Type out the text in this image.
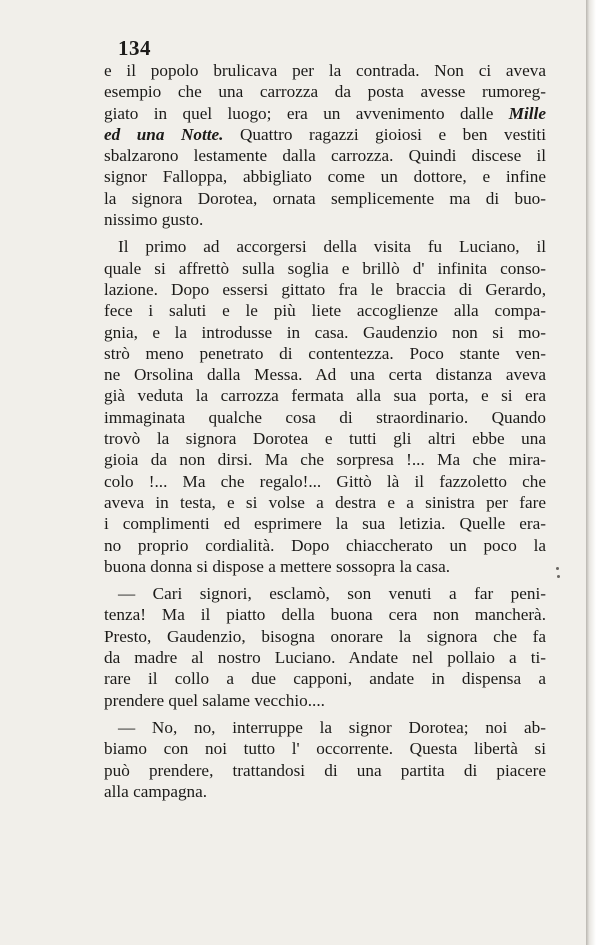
134

e il popolo brulicava per la contrada. Non ci aveva
esempio che una carrozza da posta avesse rumoreg-
giato in quel luogo; era un avvenimento dalle Mille
ed una Notte. Quattro ragazzi gioiosi e ben vestiti
sbalzarono lestamente dalla carrozza. Quindi discese il
signor Falloppa, abbigliato come un dottore, e infine
la signora Dorotea, ornata semplicemente ma di buo-
nissimo gusto.

Il primo ad accorgersi della visita fu Luciano, il
quale si affrettò sulla soglia e brillò d' infinita conso-
lazione. Dopo essersi gittato fra le braccia di Gerardo,
fece i saluti e le più liete accoglienze alla compa-
gnia, e la introdusse in casa. Gaudenzio non si mo-
strò meno penetrato di contentezza. Poco stante ven-
ne Orsolina dalla Messa. Ad una certa distanza aveva
già veduta la carrozza fermata alla sua porta, e si era
immaginata qualche cosa di straordinario. Quando
trovò la signora Dorotea e tutti gli altri ebbe una
gioia da non dirsi. Ma che sorpresa !... Ma che mira-
colo !... Ma che regalo!... Gittò là il fazzoletto che
aveva in testa, e si volse a destra e a sinistra per fare
i complimenti ed esprimere la sua letizia. Quelle era-
no proprio cordialità. Dopo chiaccherato un poco la
buona donna si dispose a mettere sossopra la casa.

— Cari signori, esclamò, son venuti a far peni-
tenza! Ma il piatto della buona cera non mancherà.
Presto, Gaudenzio, bisogna onorare la signora che fa
da madre al nostro Luciano. Andate nel pollaio a ti-
rare il collo a due capponi, andate in dispensa a
prendere quel salame vecchio....

— No, no, interruppe la signor Dorotea; noi ab-
biamo con noi tutto l' occorrente. Questa libertà si
può prendere, trattandosi di una partita di piacere
alla campagna.
